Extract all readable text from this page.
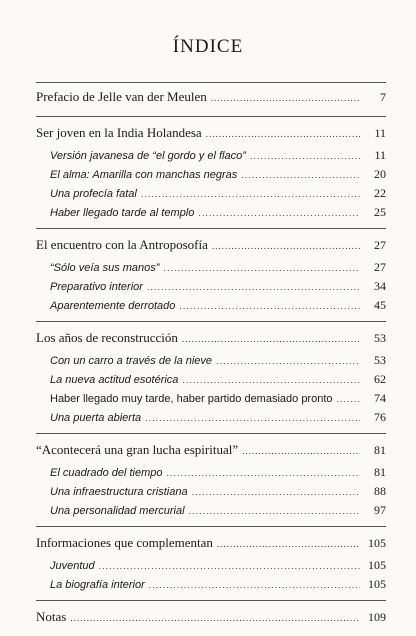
ÍNDICE
Prefacio de Jelle van der Meulen .....	7
Ser joven en la India Holandesa .....	11
Versión javanesa de “el gordo y el flaco” .....	11
El alma: Amarilla con manchas negras .....	20
Una profecía fatal .....	22
Haber llegado tarde al templo .....	25
El encuentro con la Antroposofía .....	27
“Sólo veía sus manos” .....	27
Preparativo interior .....	34
Aparentemente derrotado .....	45
Los años de reconstrucción .....	53
Con un carro a través de la nieve .....	53
La nueva actitud esotérica .....	62
Haber llegado muy tarde, haber partido demasiado pronto .....	74
Una puerta abierta .....	76
“Acontecerá una gran lucha espiritual” .....	81
El cuadrado del tiempo .....	81
Una infraestructura cristiana .....	88
Una personalidad mercurial .....	97
Informaciones que complementan .....	105
Juventud .....	105
La biografía interior .....	105
Notas .....	109
